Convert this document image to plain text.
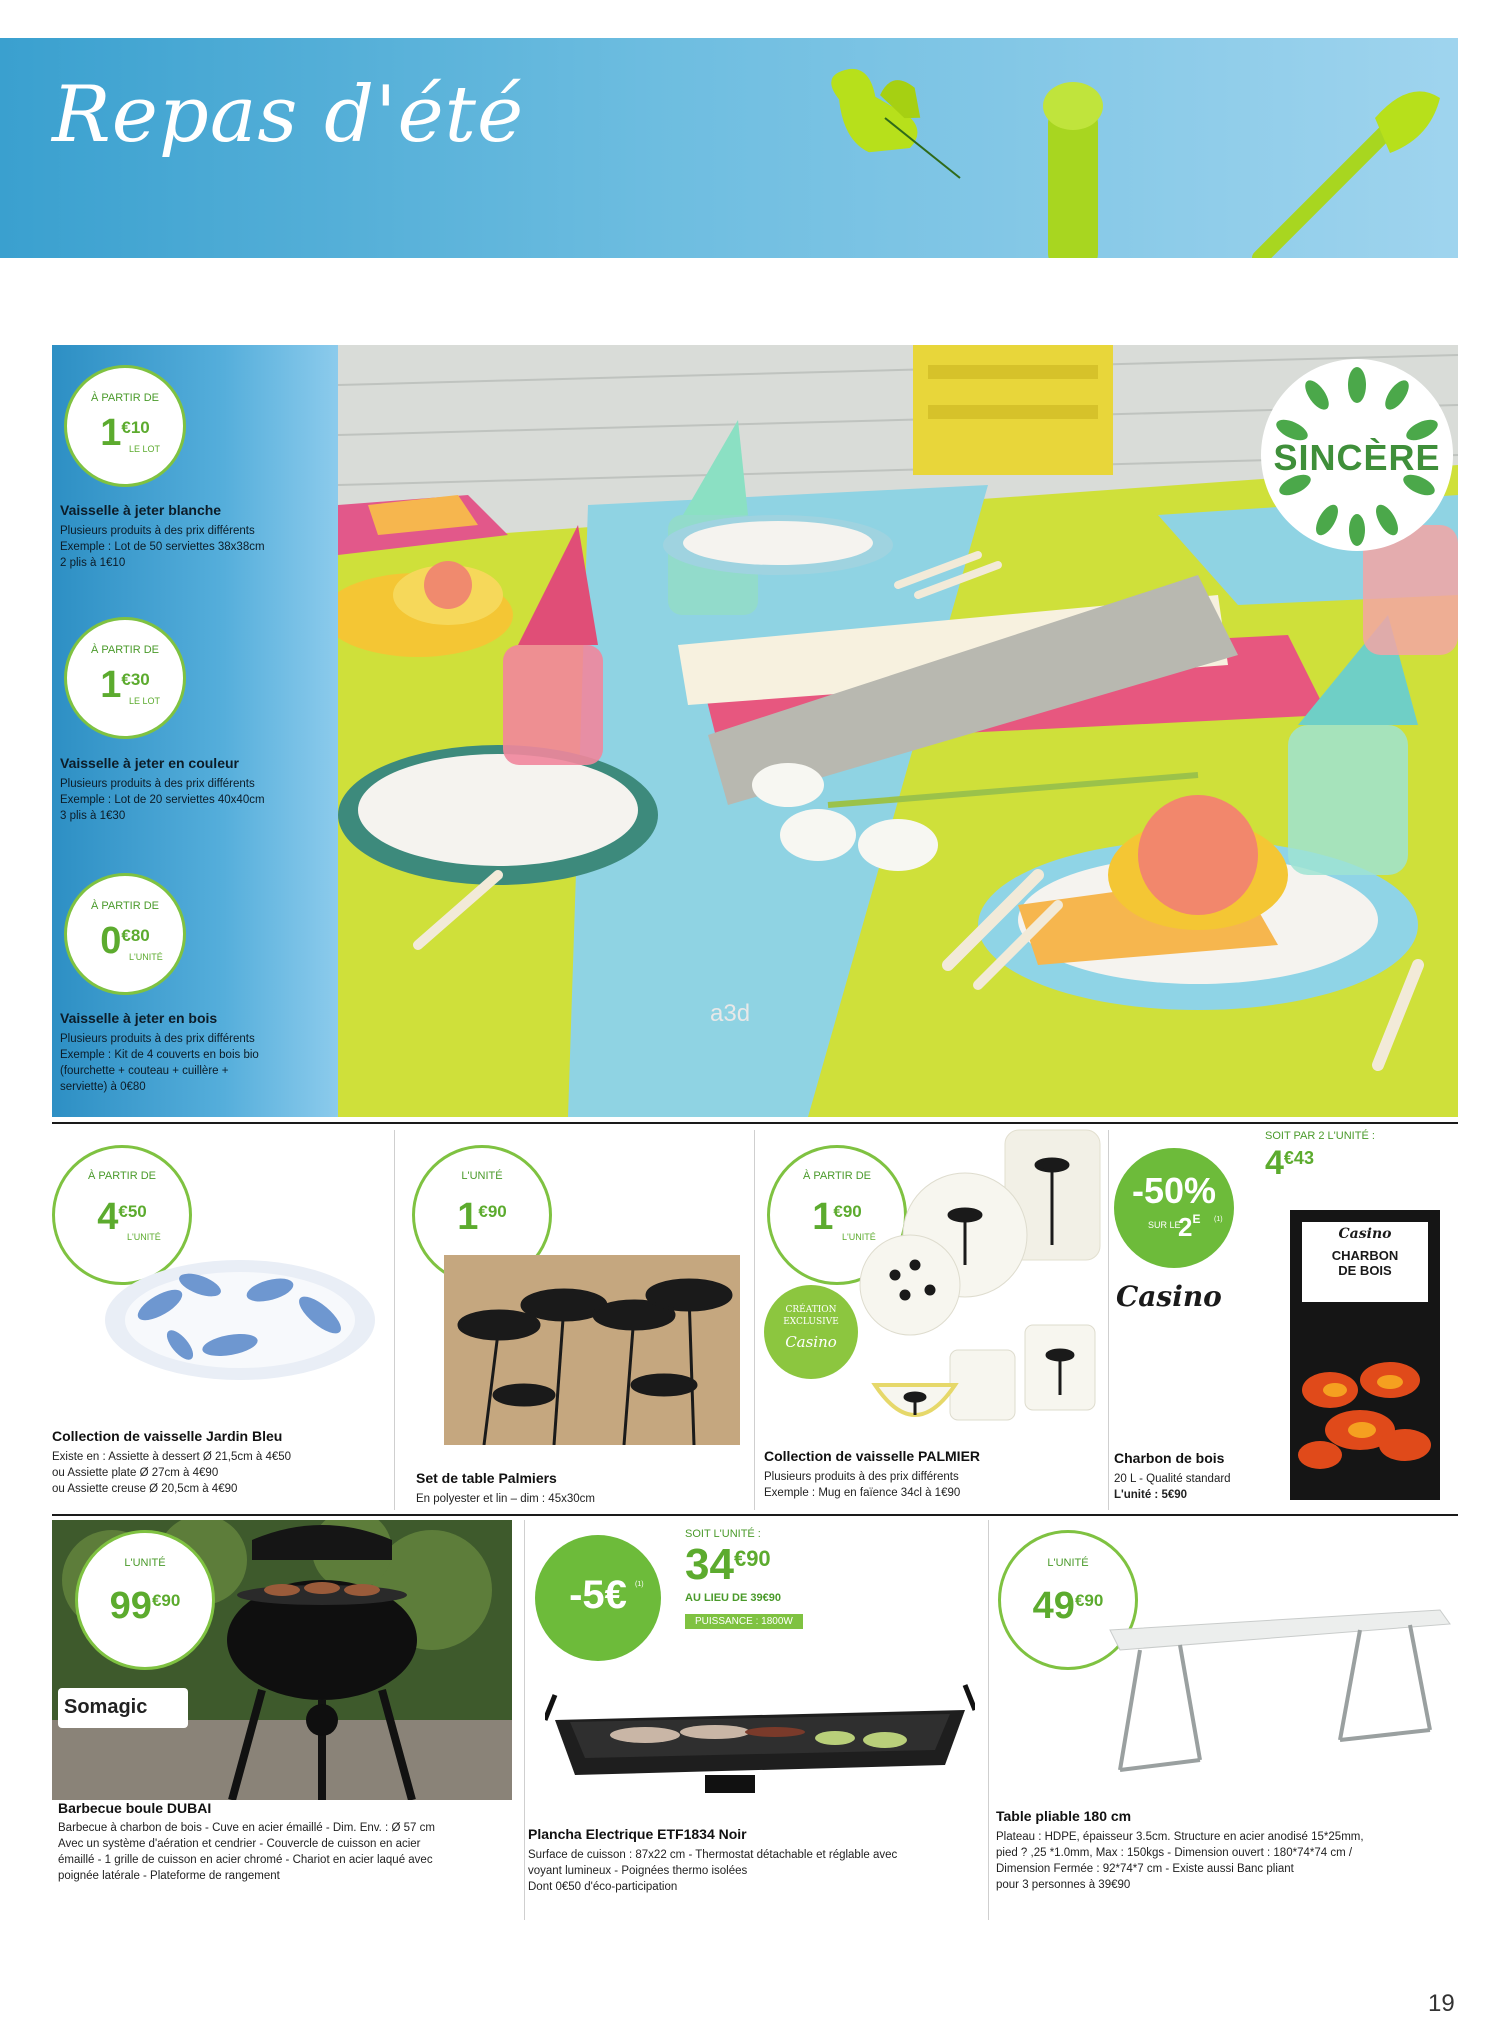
Repas d'été
À PARTIR DE
1€10
LE LOT
Vaisselle à jeter blanche
Plusieurs produits à des prix différents
Exemple : Lot de 50 serviettes 38x38cm
2 plis à 1€10
À PARTIR DE
1€30
LE LOT
Vaisselle à jeter en couleur
Plusieurs produits à des prix différents
Exemple : Lot de 20 serviettes 40x40cm
3 plis à 1€30
À PARTIR DE
0€80
L'UNITÉ
Vaisselle à jeter en bois
Plusieurs produits à des prix différents
Exemple : Kit de 4 couverts en bois bio
(fourchette + couteau + cuillère +
serviette) à 0€80
a3d
SINCÈRE
À PARTIR DE
4€50
L'UNITÉ
Collection de vaisselle Jardin Bleu
Existe en : Assiette à dessert Ø 21,5cm à 4€50
ou Assiette plate Ø 27cm à 4€90
ou Assiette creuse Ø 20,5cm à 4€90
L'UNITÉ
1€90
Set de table Palmiers
En polyester et lin – dim : 45x30cm
À PARTIR DE
1€90
L'UNITÉ
CRÉATION
EXCLUSIVE
Casino
Collection de vaisselle PALMIER
Plusieurs produits à des prix différents
Exemple : Mug en faïence 34cl à 1€90
-50%
SUR LE
$2^E$ (1)
SOIT PAR 2 L'UNITÉ :
4€43
Casino
Casino
CHARBON
DE BOIS
Charbon de bois
20 L - Qualité standard
L'unité : 5€90
L'UNITÉ
99€90
Somagic
Barbecue boule DUBAI
Barbecue à charbon de bois - Cuve en acier émaillé - Dim. Env. : Ø 57 cm
Avec un système d'aération et cendrier - Couvercle de cuisson en acier
émaillé - 1 grille de cuisson en acier chromé - Chariot en acier laqué avec
poignée latérale - Plateforme de rangement
-5€	(1)
SOIT L'UNITÉ :
34€90
AU LIEU DE 39€90
PUISSANCE : 1800W
Plancha Electrique ETF1834 Noir
Surface de cuisson : 87x22 cm - Thermostat détachable et réglable avec
voyant lumineux - Poignées thermo isolées
Dont 0€50 d'éco-participation
L'UNITÉ
49€90
Table pliable 180 cm
Plateau : HDPE, épaisseur 3.5cm. Structure en acier anodisé 15*25mm,
pied ? ,25 *1.0mm, Max : 150kgs - Dimension ouvert : 180*74*74 cm /
Dimension Fermée : 92*74*7 cm - Existe aussi Banc pliant
pour 3 personnes à 39€90
19
